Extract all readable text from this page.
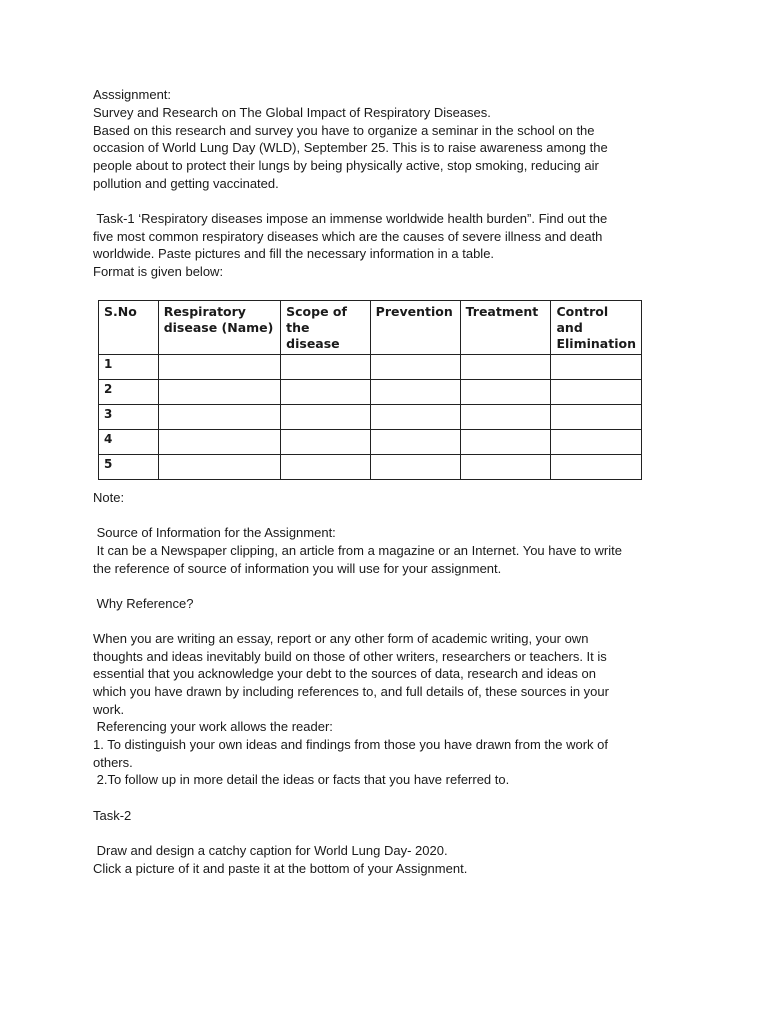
Asssignment:

Survey and Research on The Global Impact of Respiratory Diseases.

Based on this research and survey you have to organize a seminar in the school on the

occasion of World Lung Day (WLD), September 25. This is to raise awareness among the

people about to protect their lungs by being physically active, stop smoking, reducing air

pollution and getting vaccinated.

Task-1 ‘Respiratory diseases impose an immense worldwide health burden”. Find out the

five most common respiratory diseases which are the causes of severe illness and death

worldwide. Paste pictures and fill the necessary information in a table.

Format is given below:

S.No	Respiratory disease (Name)	Scope of the disease	Prevention	Treatment	Control and Elimination
1					
2					
3					
4					
5					

Note:

Source of Information for the Assignment:

It can be a Newspaper clipping, an article from a magazine or an Internet. You have to write

the reference of source of information you will use for your assignment.

Why Reference?

When you are writing an essay, report or any other form of academic writing, your own

thoughts and ideas inevitably build on those of other writers, researchers or teachers. It is

essential that you acknowledge your debt to the sources of data, research and ideas on

which you have drawn by including references to, and full details of, these sources in your

work.

Referencing your work allows the reader:

1. To distinguish your own ideas and findings from those you have drawn from the work of

others.

2.To follow up in more detail the ideas or facts that you have referred to.

Task-2

Draw and design a catchy caption for World Lung Day- 2020.

Click a picture of it and paste it at the bottom of your Assignment.
